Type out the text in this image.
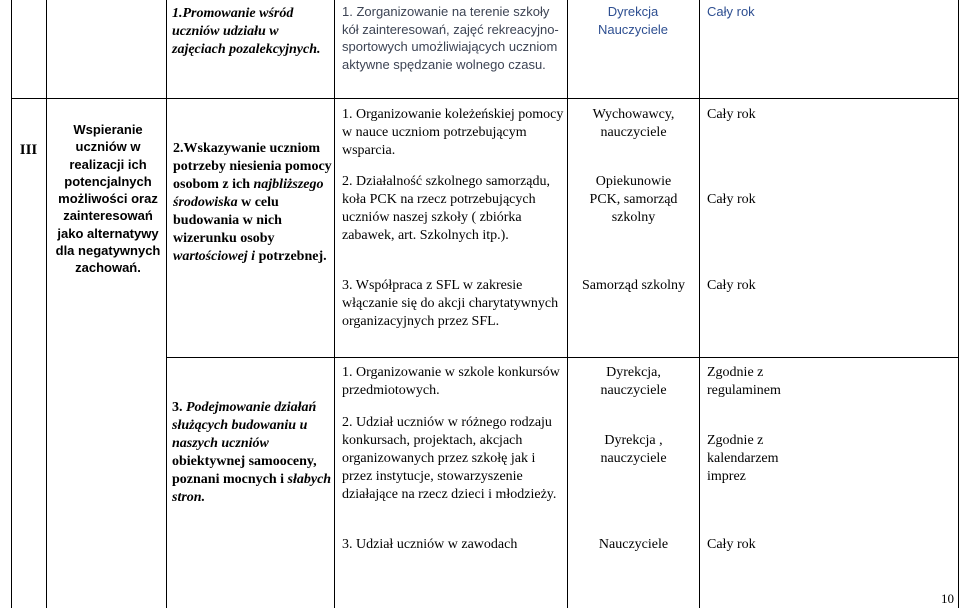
1.Promowanie wśród uczniów udziału w zajęciach pozalekcyjnych.
1. Zorganizowanie na terenie szkoły kół zainteresowań, zajęć rekreacyjno-sportowych umożliwiających uczniom aktywne spędzanie wolnego czasu.
Dyrekcja
Nauczyciele
Cały rok
III
Wspieranie uczniów w realizacji ich potencjalnych możliwości oraz zainteresowań jako alternatywy dla negatywnych zachowań.

2.Wskazywanie uczniom potrzeby niesienia pomocy osobom z ich najbliższego środowiska w celu budowania w nich wizerunku osoby wartościowej i potrzebnej.

1. Organizowanie koleżeńskiej pomocy w nauce uczniom potrzebującym wsparcia.
2. Działalność szkolnego samorządu, koła PCK na rzecz potrzebujących uczniów naszej szkoły ( zbiórka zabawek, art. Szkolnych itp.).
3. Współpraca z SFL w zakresie włączanie się do akcji charytatywnych organizacyjnych przez SFL.
Wychowawcy,
nauczyciele
Opiekunowie
PCK, samorząd
szkolny
Samorząd szkolny
Cały rok
Cały rok
Cały rok

3. Podejmowanie działań służących budowaniu u naszych uczniów obiektywnej samooceny, poznani mocnych i słabych stron.

1. Organizowanie w szkole konkursów przedmiotowych.
2. Udział uczniów w różnego rodzaju konkursach, projektach, akcjach organizowanych przez szkołę jak i przez instytucje, stowarzyszenie działające na rzecz dzieci i młodzieży.
3. Udział uczniów w zawodach
Dyrekcja,
nauczyciele
Dyrekcja ,
nauczyciele
Nauczyciele
Zgodnie z
regulaminem
Zgodnie z
kalendarzem
imprez
Cały rok
10
